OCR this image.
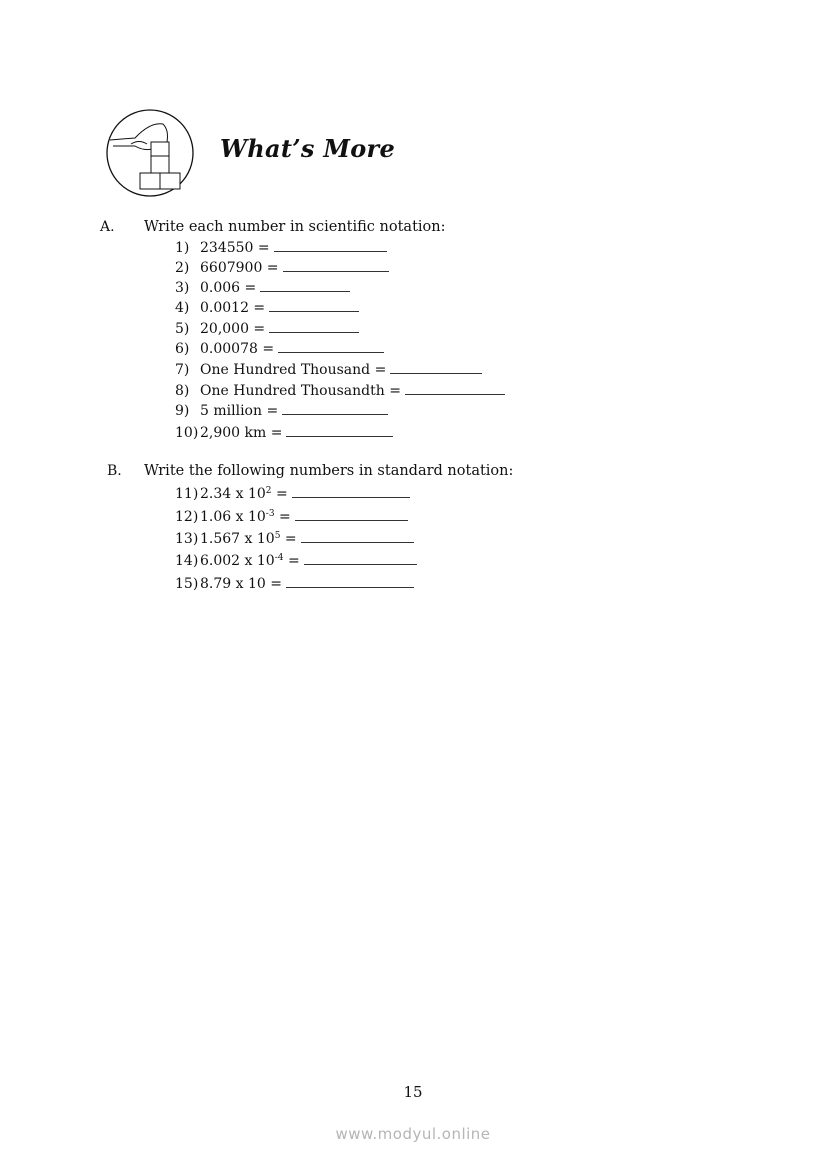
What’s More
A. Write each number in scientific notation:
1) 234550 =
2) 6607900 =
3) 0.006 =
4) 0.0012 =
5) 20,000 =
6) 0.00078 =
7) One Hundred Thousand =
8) One Hundred Thousandth =
9) 5 million =
10) 2,900 km =
B. Write the following numbers in standard notation:
11) 2.34 x $10^2$ =
12) 1.06 x $10^{-3}$ =
13) 1.567 x $10^5$ =
14) 6.002 x $10^{-4}$ =
15) 8.79 x 10 =
15
www.modyul.online
